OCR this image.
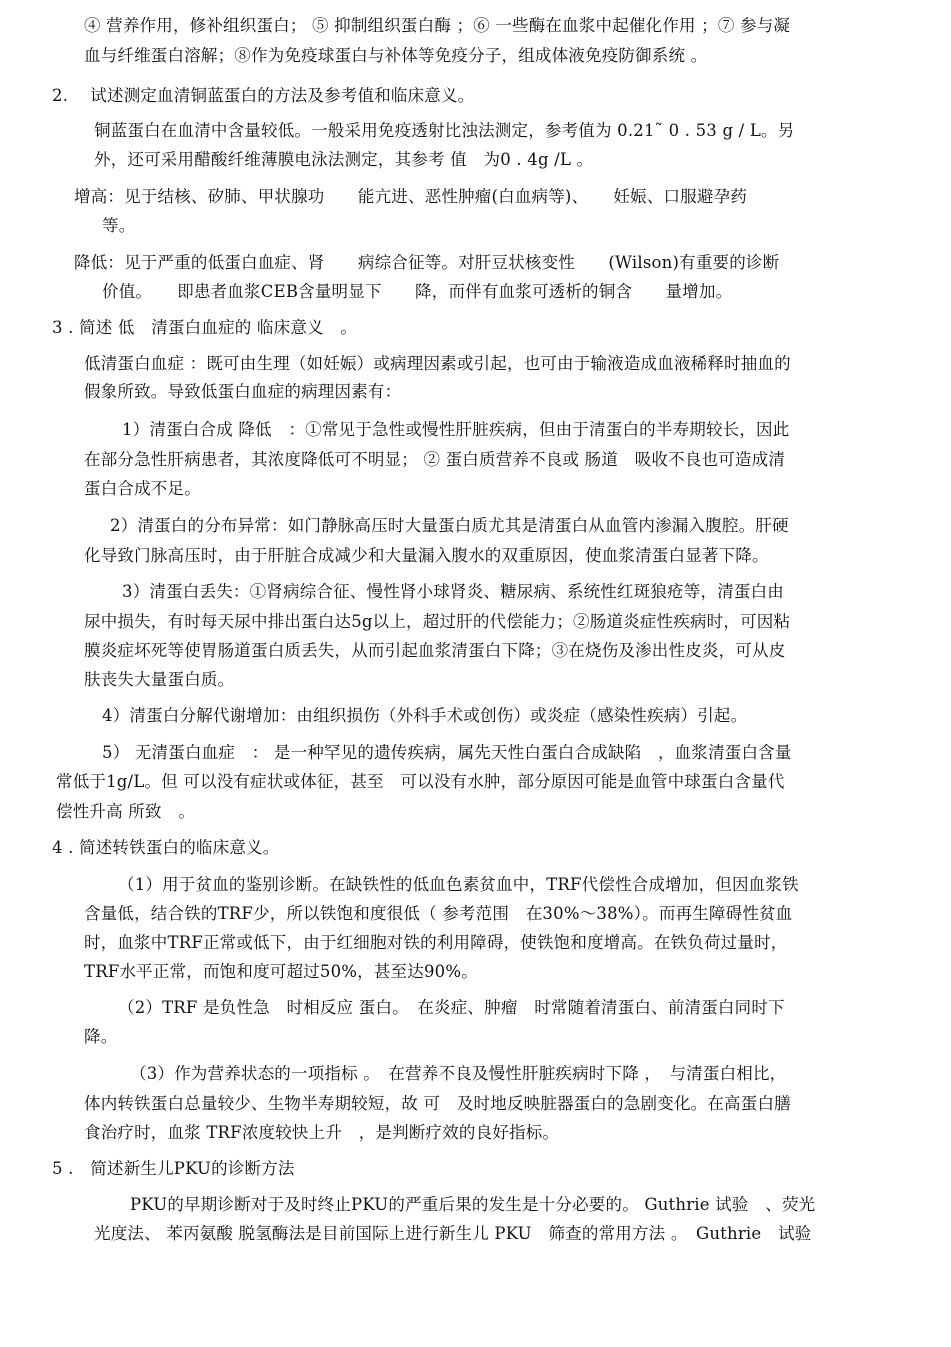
④ 营养作用，修补组织蛋白； ⑤ 抑制组织蛋白酶 ；⑥ 一些酶在血浆中起催化作用 ；⑦ 参与凝
血与纤维蛋白溶解；⑧作为免疫球蛋白与补体等免疫分子，组成体液免疫防御系统 。
2.　 试述测定血清铜蓝蛋白的方法及参考值和临床意义。
铜蓝蛋白在血清中含量较低。一般采用免疫透射比浊法测定，参考值为 0.21˜ 0 . 53 g / L。另
外，还可采用醋酸纤维薄膜电泳法测定，其参考 值　为0 . 4g /L 。
增高：见于结核、矽肺、甲状腺功　　能亢进、恶性肿瘤(白血病等)、　　妊娠、口服避孕药
等。
降低：见于严重的低蛋白血症、肾　　病综合征等。对肝豆状核变性　　(Wilson)有重要的诊断
价值。　　即患者血浆CEB含量明显下　　降，而伴有血浆可透析的铜含　　量增加。
3 . 简述 低　清蛋白血症的 临床意义　。
低清蛋白血症 ：既可由生理（如妊娠）或病理因素或引起，也可由于输液造成血液稀释时抽血的
假象所致。导致低蛋白血症的病理因素有：
1）清蛋白合成 降低　：①常见于急性或慢性肝脏疾病，但由于清蛋白的半寿期较长，因此
在部分急性肝病患者，其浓度降低可不明显； ② 蛋白质营养不良或 肠道　吸收不良也可造成清
蛋白合成不足。
2）清蛋白的分布异常：如门静脉高压时大量蛋白质尤其是清蛋白从血管内渗漏入腹腔。肝硬
化导致门脉高压时，由于肝脏合成减少和大量漏入腹水的双重原因，使血浆清蛋白显著下降。
3）清蛋白丢失：①肾病综合征、慢性肾小球肾炎、糖尿病、系统性红斑狼疮等，清蛋白由
尿中损失，有时每天尿中排出蛋白达5g以上，超过肝的代偿能力；②肠道炎症性疾病时，可因粘
膜炎症坏死等使胃肠道蛋白质丢失，从而引起血浆清蛋白下降；③在烧伤及渗出性皮炎，可从皮
肤丧失大量蛋白质。
4）清蛋白分解代谢增加：由组织损伤（外科手术或创伤）或炎症（感染性疾病）引起。
5） 无清蛋白血症　： 是一种罕见的遗传疾病，属先天性白蛋白合成缺陷　，血浆清蛋白含量
常低于1g/L。但 可以没有症状或体征，甚至　可以没有水肿，部分原因可能是血管中球蛋白含量代
偿性升高 所致　。
4 . 简述转铁蛋白的临床意义。
（1）用于贫血的鉴别诊断。在缺铁性的低血色素贫血中，TRF代偿性合成增加，但因血浆铁
含量低，结合铁的TRF少，所以铁饱和度很低（ 参考范围　在30%～38%）。而再生障碍性贫血
时，血浆中TRF正常或低下，由于红细胞对铁的利用障碍，使铁饱和度增高。在铁负荷过量时，
TRF水平正常，而饱和度可超过50%，甚至达90%。
（2）TRF 是负性急　时相反应 蛋白。　在炎症、肿瘤　时常随着清蛋白、前清蛋白同时下
降。
（3）作为营养状态的一项指标 。　在营养不良及慢性肝脏疾病时下降 ，　与清蛋白相比，
体内转铁蛋白总量较少、生物半寿期较短，故 可　及时地反映脏器蛋白的急剧变化。在高蛋白膳
食治疗时，血浆 TRF浓度较快上升　，是判断疗效的良好指标。
5 .　简述新生儿PKU的诊断方法
PKU的早期诊断对于及时终止PKU的严重后果的发生是十分必要的。 Guthrie 试验　、荧光
光度法、 苯丙氨酸 脱氢酶法是目前国际上进行新生儿 PKU　筛查的常用方法 。　Guthrie　试验
